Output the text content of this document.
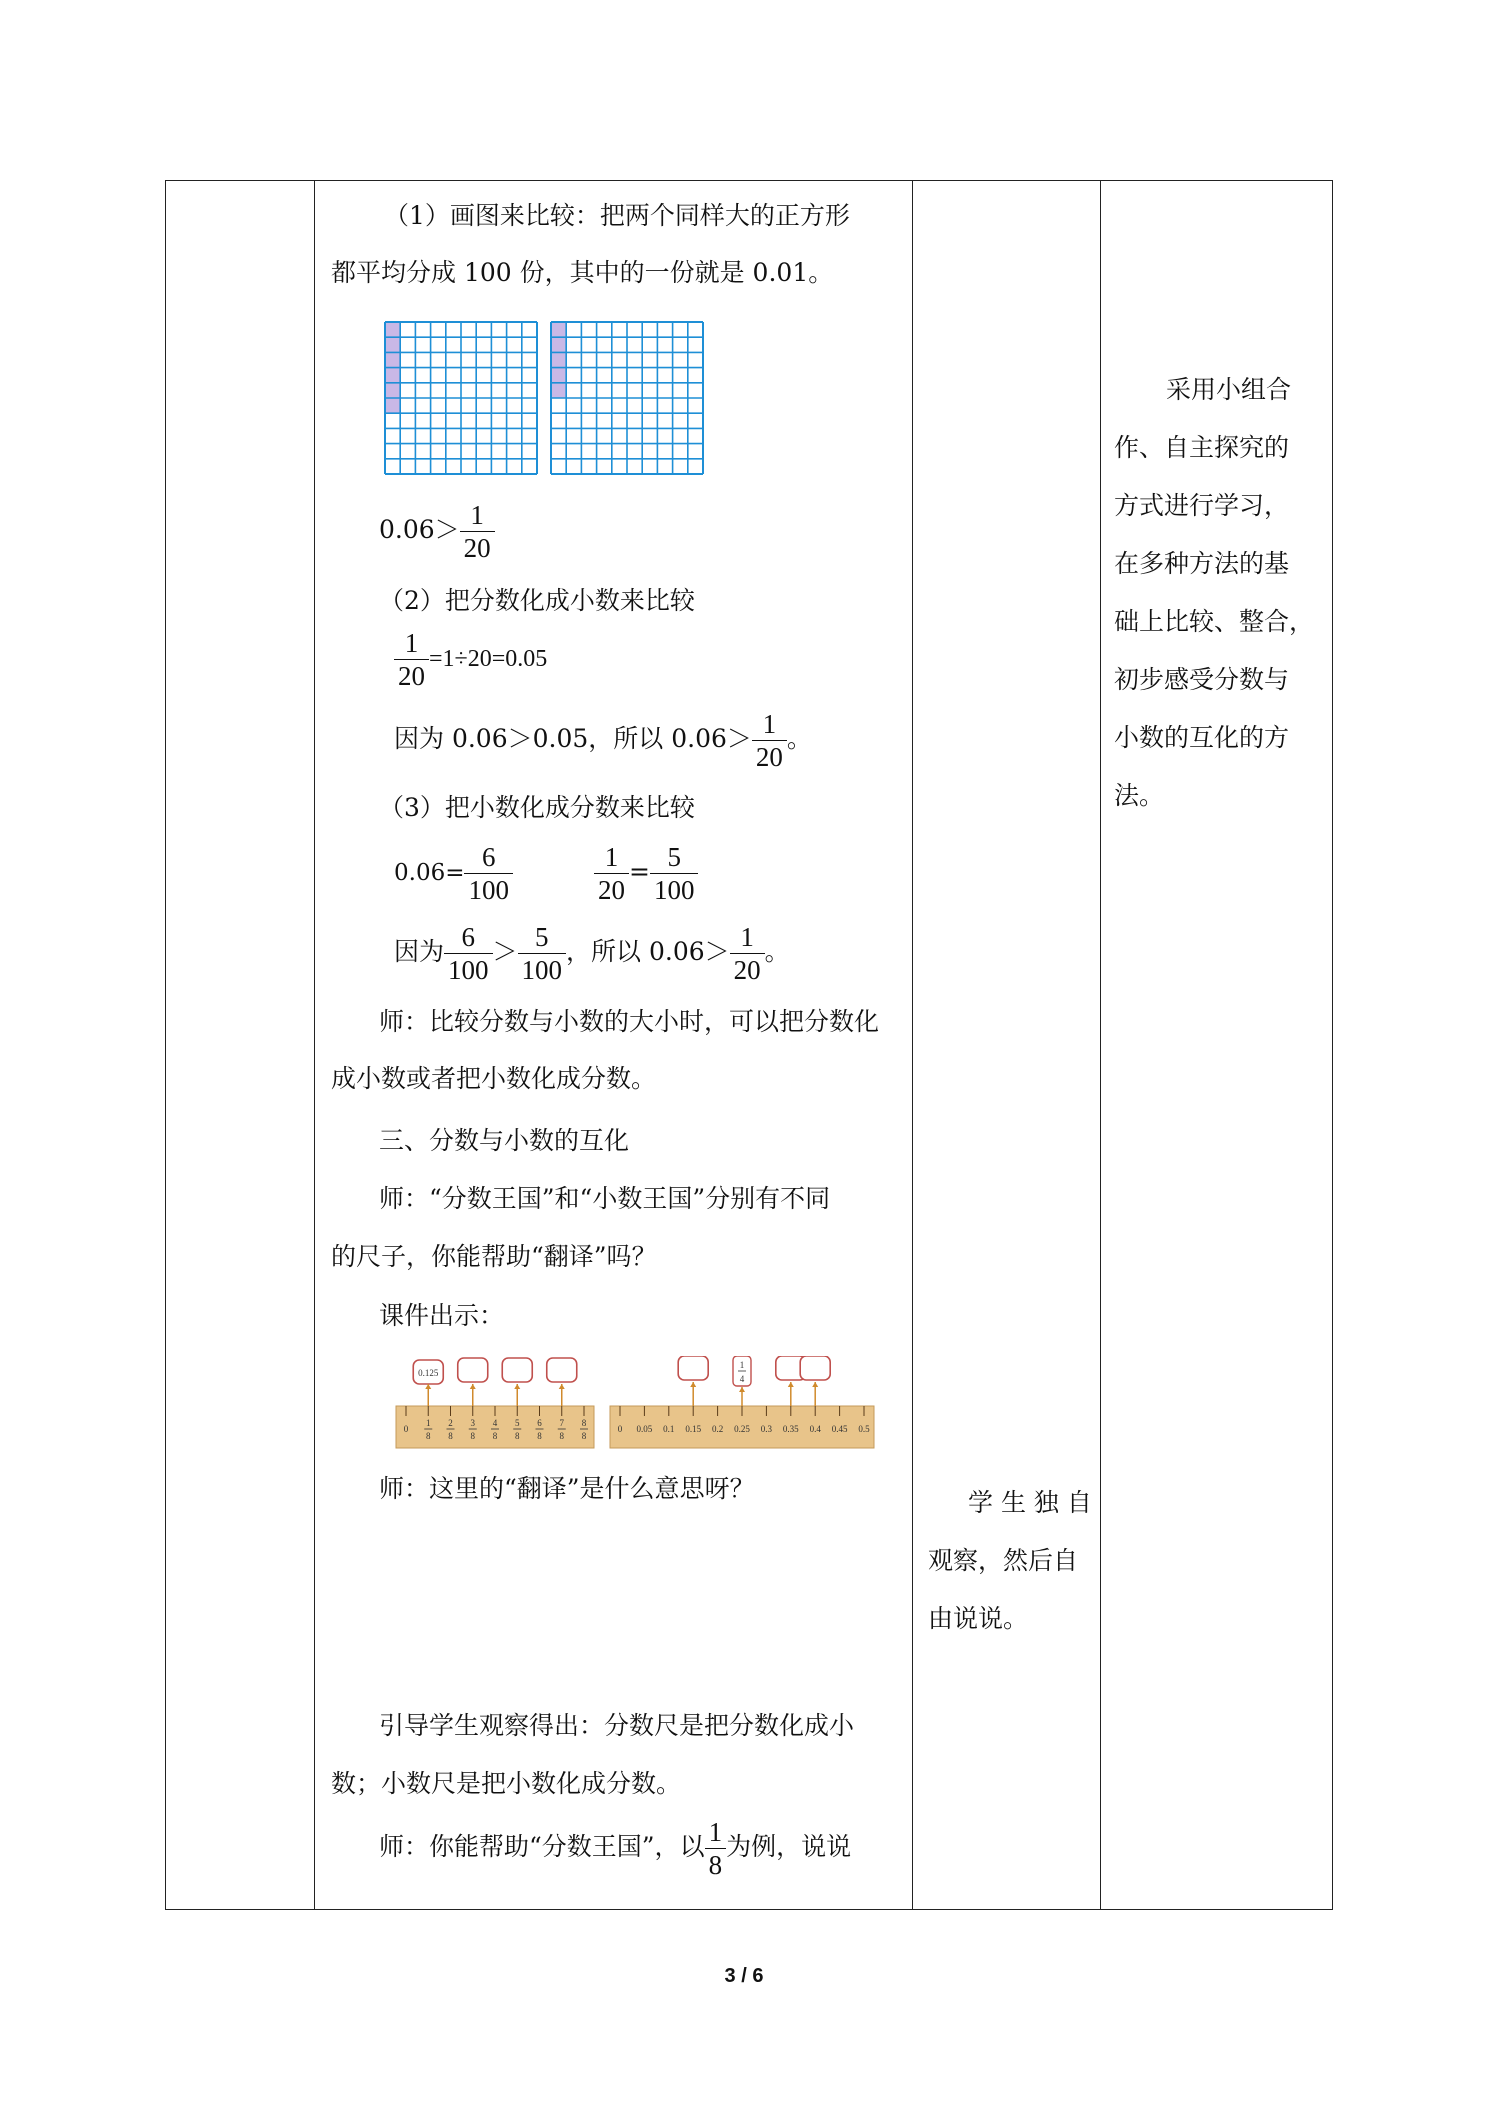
（1）画图来比较：把两个同样大的正方形
都平均分成 100 份，其中的一份就是 0.01。
$0.06> \frac{1}{20}$
（2）把分数化成小数来比较
$\frac{1}{20} =1\div 20=0.05$
因为 0.06＞0.05，所以 $0.06> \frac{1}{20}$ 。
（3）把小数化成分数来比较
$0.06= \frac{6}{100}$	$\frac{1}{20} = \frac{5}{100}$
因为 $\frac{6}{100} > \frac{5}{100}$ ，所以 $0.06> \frac{1}{20}$ 。
师：比较分数与小数的大小时，可以把分数化
成小数或者把小数化成分数。
三、分数与小数的互化
师：“分数王国”和“小数王国”分别有不同
的尺子，你能帮助“翻译”吗？
课件出示：
0
1
8
2
8
3
8
4
8
5
8
6
8
7
8
8
8
0.125
0 0.05 0.1 0.15 0.2 0.25 0.3 0.35 0.4 0.45 0.5
1
4
师：这里的“翻译”是什么意思呀？
引导学生观察得出：分数尺是把分数化成小
数；小数尺是把小数化成分数。
师：你能帮助“分数王国”，以 $\frac{1}{8}$ 为例，说说
学 生 独 自
观察，然后自
由说说。
采用小组合
作、自主探究的
方式进行学习，
在多种方法的基
础上比较、整合，
初步感受分数与
小数的互化的方
法。
3 / 6
